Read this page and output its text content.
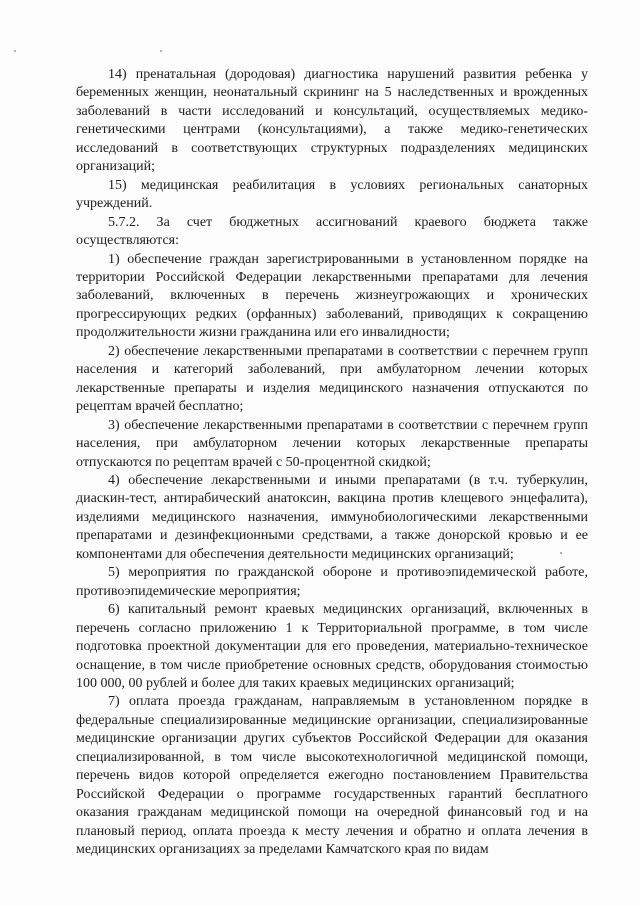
14) пренатальная (дородовая) диагностика нарушений развития ребенка у беременных женщин, неонатальный скрининг на 5 наследственных и врожденных заболеваний в части исследований и консультаций, осуществляемых медико-генетическими центрами (консультациями), а также медико-генетических исследований в соответствующих структурных подразделениях медицинских организаций;

15) медицинская реабилитация в условиях региональных санаторных учреждений.

5.7.2. За счет бюджетных ассигнований краевого бюджета также осуществляются:

1) обеспечение граждан зарегистрированными в установленном порядке на территории Российской Федерации лекарственными препаратами для лечения заболеваний, включенных в перечень жизнеугрожающих и хронических прогрессирующих редких (орфанных) заболеваний, приводящих к сокращению продолжительности жизни гражданина или его инвалидности;

2) обеспечение лекарственными препаратами в соответствии с перечнем групп населения и категорий заболеваний, при амбулаторном лечении которых лекарственные препараты и изделия медицинского назначения отпускаются по рецептам врачей бесплатно;

3) обеспечение лекарственными препаратами в соответствии с перечнем групп населения, при амбулаторном лечении которых лекарственные препараты отпускаются по рецептам врачей с 50-процентной скидкой;

4) обеспечение лекарственными и иными препаратами (в т.ч. туберкулин, диаскин-тест, антирабический анатоксин, вакцина против клещевого энцефалита), изделиями медицинского назначения, иммунобиологическими лекарственными препаратами и дезинфекционными средствами, а также донорской кровью и ее компонентами для обеспечения деятельности медицинских организаций;

5) мероприятия по гражданской обороне и противоэпидемической работе, противоэпидемические мероприятия;

6) капитальный ремонт краевых медицинских организаций, включенных в перечень согласно приложению 1 к Территориальной программе, в том числе подготовка проектной документации для его проведения, материально-техническое оснащение, в том числе приобретение основных средств, оборудования стоимостью 100 000, 00 рублей и более для таких краевых медицинских организаций;

7) оплата проезда гражданам, направляемым в установленном порядке в федеральные специализированные медицинские организации, специализированные медицинские организации других субъектов Российской Федерации для оказания специализированной, в том числе высокотехнологичной медицинской помощи, перечень видов которой определяется ежегодно постановлением Правительства Российской Федерации о программе государственных гарантий бесплатного оказания гражданам медицинской помощи на очередной финансовый год и на плановый период, оплата проезда к месту лечения и обратно и оплата лечения в медицинских организациях за пределами Камчатского края по видам
